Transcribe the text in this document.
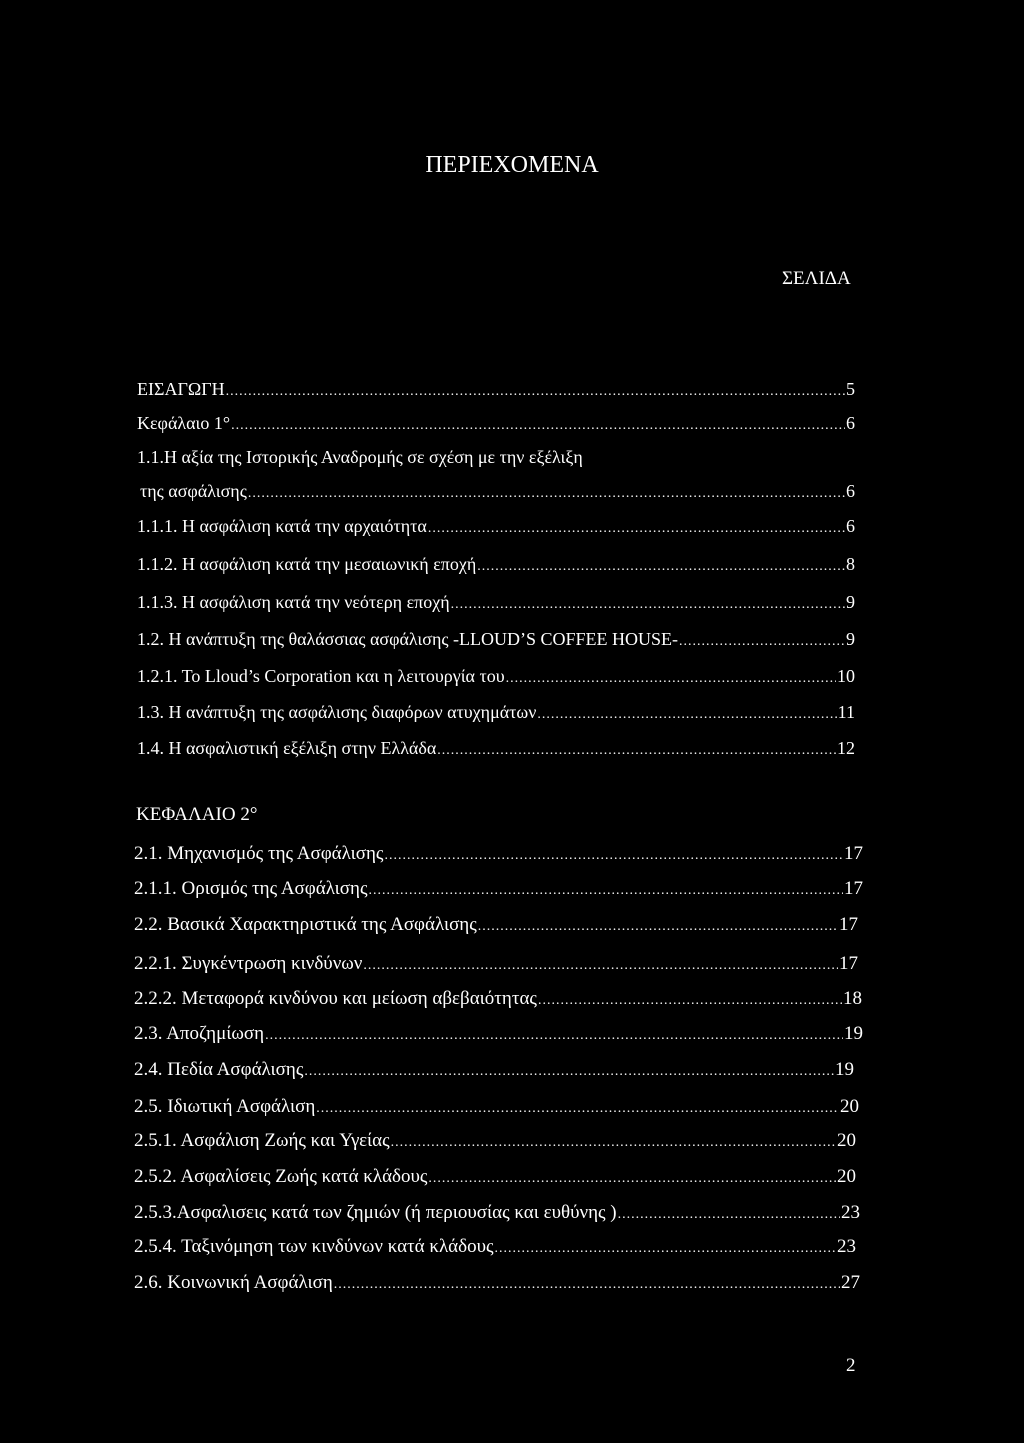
ΠΕΡΙΕΧΟΜΕΝΑ
ΣΕΛΙΔΑ
ΕΙΣΑΓΩΓΗ .....	5
Κεφάλαιο 1° .....	6
1.1.Η αξία της Ιστορικής Αναδρομής σε σχέση με την εξέλιξη
της ασφάλισης .....	6
1.1.1. Η ασφάλιση κατά την αρχαιότητα .....	6
1.1.2. Η ασφάλιση κατά την μεσαιωνική εποχή .....	8
1.1.3. Η ασφάλιση κατά την νεότερη εποχή .....	9
1.2. Η ανάπτυξη της θαλάσσιας ασφάλισης -LLOUD’S COFFEE HOUSE- .....	9
1.2.1. To Lloud’s Corporation και η λειτουργία του .....	10
1.3. Η ανάπτυξη της ασφάλισης διαφόρων ατυχημάτων .....	11
1.4. Η ασφαλιστική εξέλιξη στην Ελλάδα .....	12
ΚΕΦΑΛΑΙΟ 2°
2.1. Μηχανισμός της Ασφάλισης .....	17
2.1.1. Ορισμός της Ασφάλισης .....	17
2.2. Βασικά Χαρακτηριστικά της Ασφάλισης .....	17
2.2.1. Συγκέντρωση κινδύνων .....	17
2.2.2. Μεταφορά κινδύνου και μείωση αβεβαιότητας .....	18
2.3. Αποζημίωση .....	19
2.4. Πεδία Ασφάλισης .....	19
2.5. Ιδιωτική Ασφάλιση .....	20
2.5.1. Ασφάλιση Ζωής και Υγείας .....	20
2.5.2. Ασφαλίσεις Ζωής κατά κλάδους .....	20
2.5.3.Ασφαλισεις κατά των ζημιών (ή περιουσίας και ευθύνης ) .....	23
2.5.4. Ταξινόμηση των κινδύνων κατά κλάδους .....	23
2.6. Κοινωνική Ασφάλιση .....	27
2
